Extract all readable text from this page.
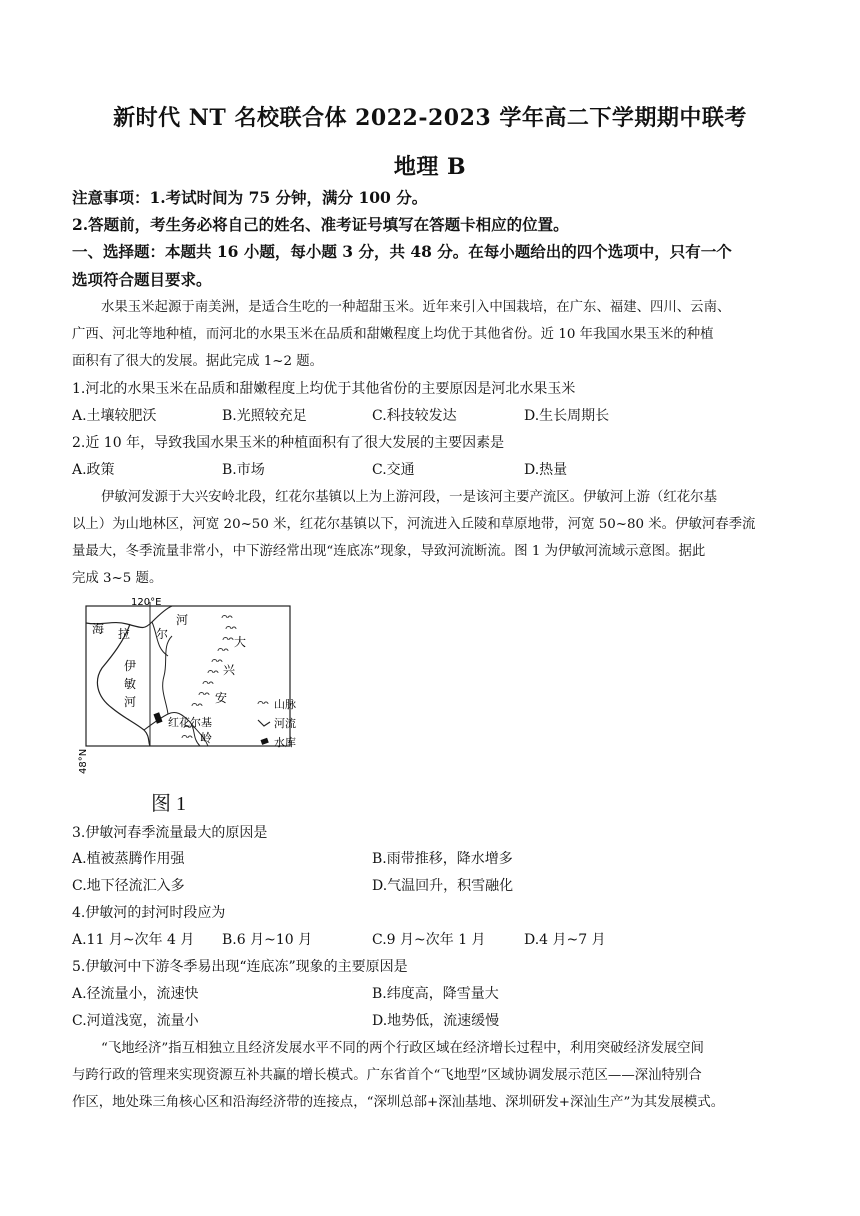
新时代 NT 名校联合体 2022-2023 学年高二下学期期中联考
地理 B
注意事项：1.考试时间为 75 分钟，满分 100 分。
2.答题前，考生务必将自己的姓名、准考证号填写在答题卡相应的位置。
一、选择题：本题共 16 小题，每小题 3 分，共 48 分。在每小题给出的四个选项中，只有一个
选项符合题目要求。
水果玉米起源于南美洲，是适合生吃的一种超甜玉米。近年来引入中国栽培，在广东、福建、四川、云南、
广西、河北等地种植，而河北的水果玉米在品质和甜嫩程度上均优于其他省份。近 10 年我国水果玉米的种植
面积有了很大的发展。据此完成 1~2 题。
1.河北的水果玉米在品质和甜嫩程度上均优于其他省份的主要原因是河北水果玉米
A.土壤较肥沃	B.光照较充足	C.科技较发达	D.生长周期长
2.近 10 年，导致我国水果玉米的种植面积有了很大发展的主要因素是
A.政策	B.市场	C.交通	D.热量
伊敏河发源于大兴安岭北段，红花尔基镇以上为上游河段，一是该河主要产流区。伊敏河上游（红花尔基
以上）为山地林区，河宽 20~50 米，红花尔基镇以下，河流进入丘陵和草原地带，河宽 50~80 米。伊敏河春季流
量最大，冬季流量非常小，中下游经常出现“连底冻”现象，导致河流断流。图 1 为伊敏河流域示意图。据此
完成 3~5 题。
120°E
48°N
海 拉 尔
河
大
兴
安
岭
伊
敏
河
红花尔基
山脉
河流
水库
图 1
3.伊敏河春季流量最大的原因是
A.植被蒸腾作用强	B.雨带推移，降水增多
C.地下径流汇入多	D.气温回升，积雪融化
4.伊敏河的封河时段应为
A.11 月~次年 4 月 B.6 月~10 月	C.9 月~次年 1 月	D.4 月~7 月
5.伊敏河中下游冬季易出现“连底冻”现象的主要原因是
A.径流量小，流速快	B.纬度高，降雪量大
C.河道浅宽，流量小	D.地势低，流速缓慢
“飞地经济”指互相独立且经济发展水平不同的两个行政区域在经济增长过程中，利用突破经济发展空间
与跨行政的管理来实现资源互补共赢的增长模式。广东省首个“飞地型”区域协调发展示范区——深汕特别合
作区，地处珠三角核心区和沿海经济带的连接点，“深圳总部+深汕基地、深圳研发+深汕生产”为其发展模式。
